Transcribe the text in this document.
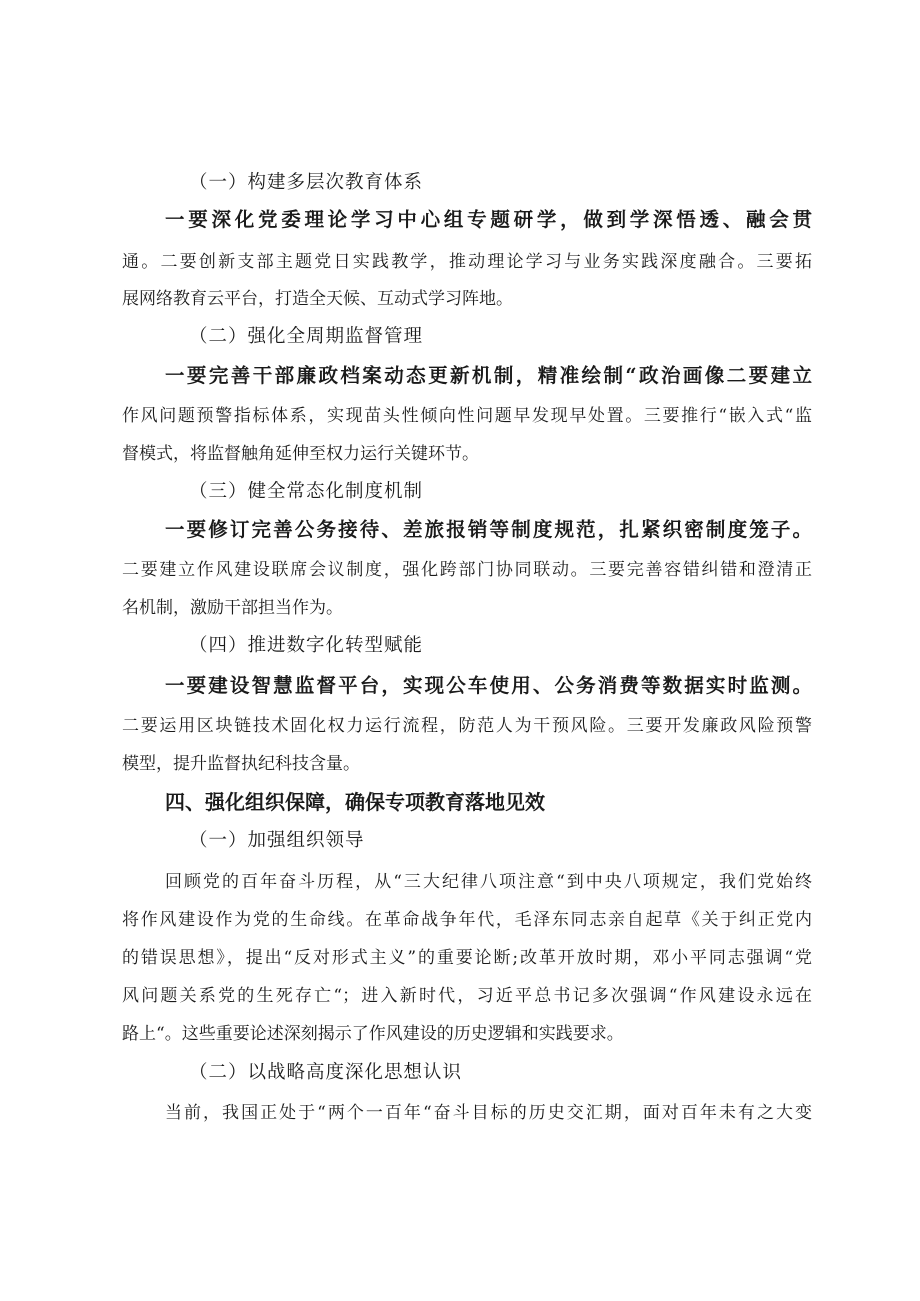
（一）构建多层次教育体系
一要深化党委理论学习中心组专题研学，做到学深悟透、融会贯
通。二要创新支部主题党日实践教学，推动理论学习与业务实践深度融合。三要拓
展网络教育云平台，打造全天候、互动式学习阵地。
（二）强化全周期监督管理
一要完善干部廉政档案动态更新机制，精准绘制“政治画像二要建立
作风问题预警指标体系，实现苗头性倾向性问题早发现早处置。三要推行“嵌入式“监
督模式，将监督触角延伸至权力运行关键环节。
（三）健全常态化制度机制
一要修订完善公务接待、差旅报销等制度规范，扎紧织密制度笼子。
二要建立作风建设联席会议制度，强化跨部门协同联动。三要完善容错纠错和澄清正
名机制，激励干部担当作为。
（四）推进数字化转型赋能
一要建设智慧监督平台，实现公车使用、公务消费等数据实时监测。
二要运用区块链技术固化权力运行流程，防范人为干预风险。三要开发廉政风险预警
模型，提升监督执纪科技含量。
四、强化组织保障，确保专项教育落地见效
（一）加强组织领导
回顾党的百年奋斗历程，从“三大纪律八项注意“到中央八项规定，我们党始终
将作风建设作为党的生命线。在革命战争年代，毛泽东同志亲自起草《关于纠正党内
的错误思想》，提出“反对形式主义”的重要论断;改革开放时期，邓小平同志强调“党
风问题关系党的生死存亡“；进入新时代，习近平总书记多次强调“作风建设永远在
路上“。这些重要论述深刻揭示了作风建设的历史逻辑和实践要求。
（二）以战略高度深化思想认识
当前，我国正处于“两个一百年“奋斗目标的历史交汇期，面对百年未有之大变
